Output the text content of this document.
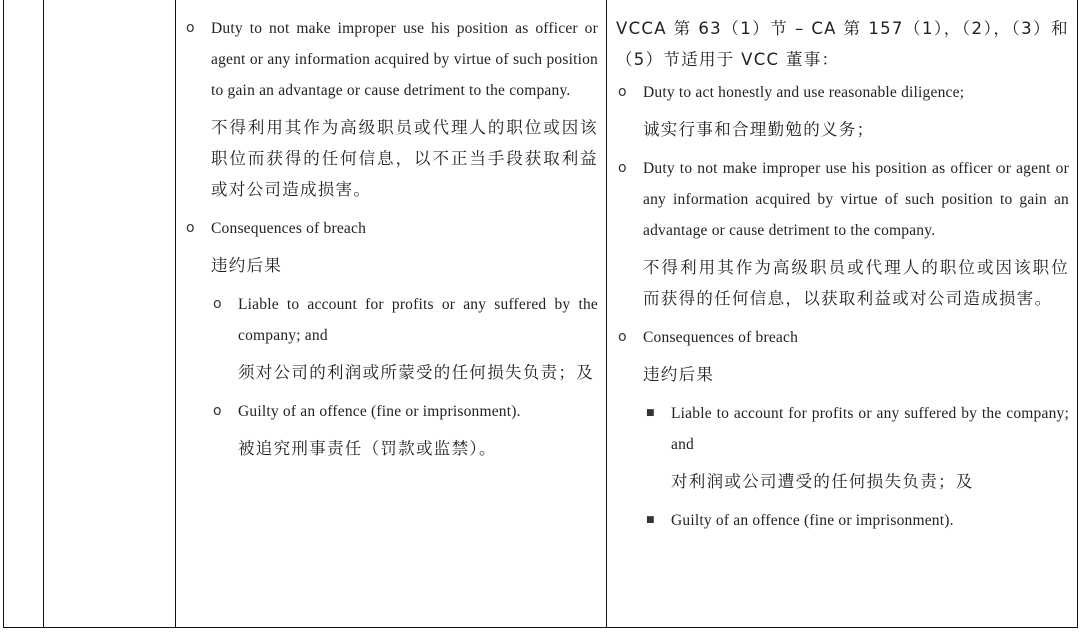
o Duty to not make improper use his position as officer or agent or any information acquired by virtue of such position to gain an advantage or cause detriment to the company.
不得利用其作为高级职员或代理人的职位或因该职位而获得的任何信息，以不正当手段获取利益或对公司造成损害。
o Consequences of breach
违约后果
o Liable to account for profits or any suffered by the company; and
须对公司的利润或所蒙受的任何损失负责；及
o Guilty of an offence (fine or imprisonment).
被追究刑事责任（罚款或监禁）。

VCCA 第 63（1）节 – CA 第 157（1），（2），（3）和（5）节适用于 VCC 董事：
o Duty to act honestly and use reasonable diligence;
诚实行事和合理勤勉的义务；
o Duty to not make improper use his position as officer or agent or any information acquired by virtue of such position to gain an advantage or cause detriment to the company.
不得利用其作为高级职员或代理人的职位或因该职位而获得的任何信息，以获取利益或对公司造成损害。
o Consequences of breach
违约后果
■ Liable to account for profits or any suffered by the company; and
对利润或公司遭受的任何损失负责；及
■ Guilty of an offence (fine or imprisonment).
